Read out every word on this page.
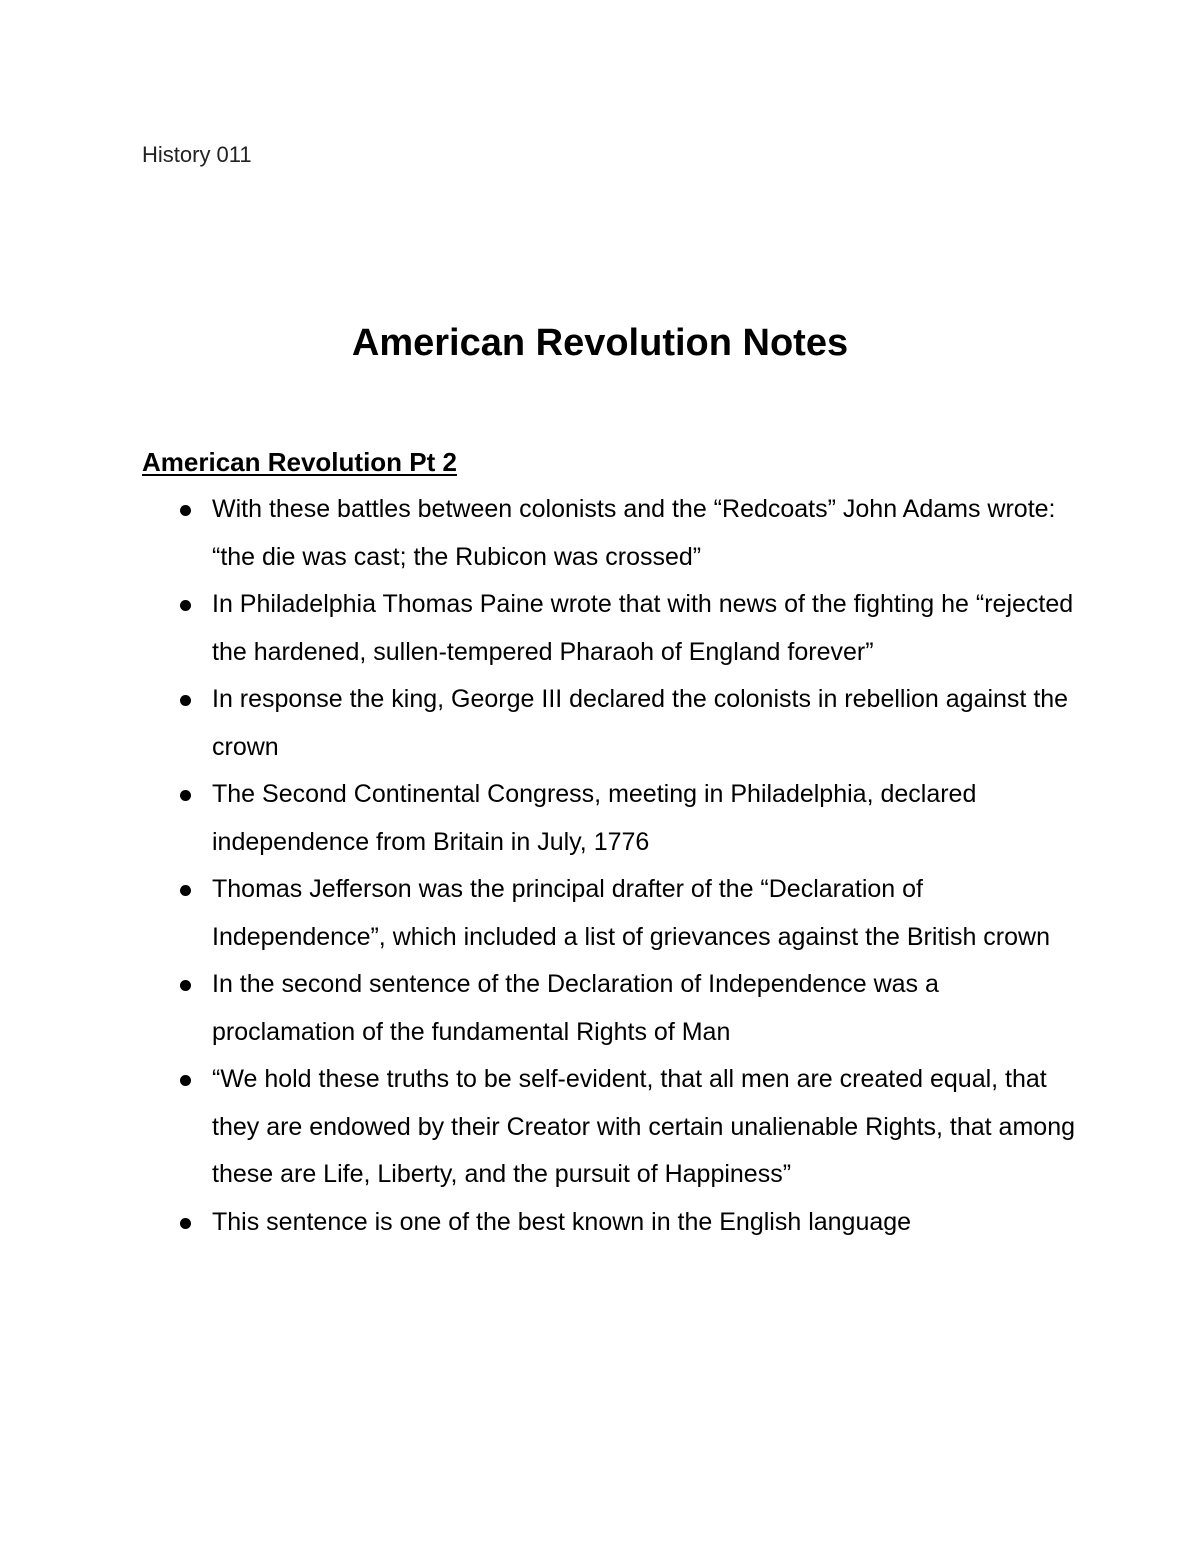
History 011
American Revolution Notes
American Revolution Pt 2
With these battles between colonists and the “Redcoats” John Adams wrote: “the die was cast; the Rubicon was crossed”
In Philadelphia Thomas Paine wrote that with news of the fighting he “rejected the hardened, sullen-tempered Pharaoh of England forever”
In response the king, George III declared the colonists in rebellion against the crown
The Second Continental Congress, meeting in Philadelphia, declared independence from Britain in July, 1776
Thomas Jefferson was the principal drafter of the “Declaration of Independence”, which included a list of grievances against the British crown
In the second sentence of the Declaration of Independence was a proclamation of the fundamental Rights of Man
“We hold these truths to be self-evident, that all men are created equal, that they are endowed by their Creator with certain unalienable Rights, that among these are Life, Liberty, and the pursuit of Happiness”
This sentence is one of the best known in the English language
